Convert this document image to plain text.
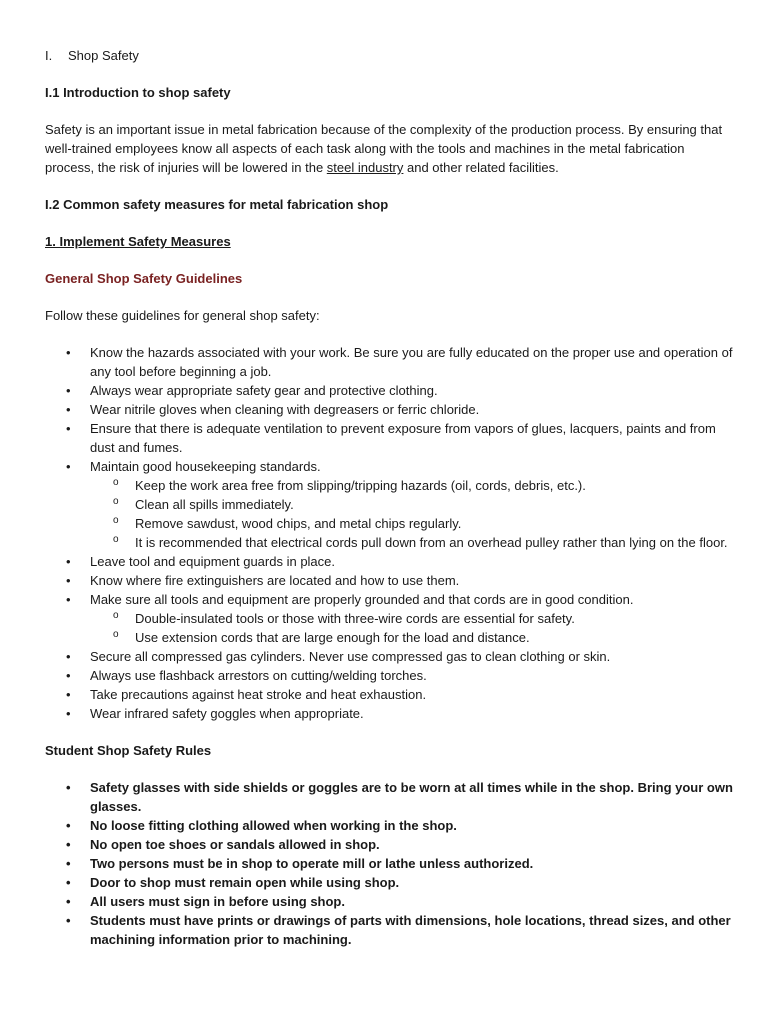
I.	Shop Safety

I.1 Introduction to shop safety

Safety is an important issue in metal fabrication because of the complexity of the production process. By ensuring that well-trained employees know all aspects of each task along with the tools and machines in the metal fabrication process, the risk of injuries will be lowered in the steel industry and other related facilities.

I.2 Common safety measures for metal fabrication shop

1. Implement Safety Measures

General Shop Safety Guidelines

Follow these guidelines for general shop safety:

• Know the hazards associated with your work. Be sure you are fully educated on the proper use and operation of any tool before beginning a job.
• Always wear appropriate safety gear and protective clothing.
• Wear nitrile gloves when cleaning with degreasers or ferric chloride.
• Ensure that there is adequate ventilation to prevent exposure from vapors of glues, lacquers, paints and from dust and fumes.
• Maintain good housekeeping standards.
o Keep the work area free from slipping/tripping hazards (oil, cords, debris, etc.).
o Clean all spills immediately.
o Remove sawdust, wood chips, and metal chips regularly.
o It is recommended that electrical cords pull down from an overhead pulley rather than lying on the floor.
• Leave tool and equipment guards in place.
• Know where fire extinguishers are located and how to use them.
• Make sure all tools and equipment are properly grounded and that cords are in good condition.
o Double-insulated tools or those with three-wire cords are essential for safety.
o Use extension cords that are large enough for the load and distance.
• Secure all compressed gas cylinders. Never use compressed gas to clean clothing or skin.
• Always use flashback arrestors on cutting/welding torches.
• Take precautions against heat stroke and heat exhaustion.
• Wear infrared safety goggles when appropriate.

Student Shop Safety Rules

• Safety glasses with side shields or goggles are to be worn at all times while in the shop. Bring your own glasses.
• No loose fitting clothing allowed when working in the shop.
• No open toe shoes or sandals allowed in shop.
• Two persons must be in shop to operate mill or lathe unless authorized.
• Door to shop must remain open while using shop.
• All users must sign in before using shop.
• Students must have prints or drawings of parts with dimensions, hole locations, thread sizes, and other machining information prior to machining.
